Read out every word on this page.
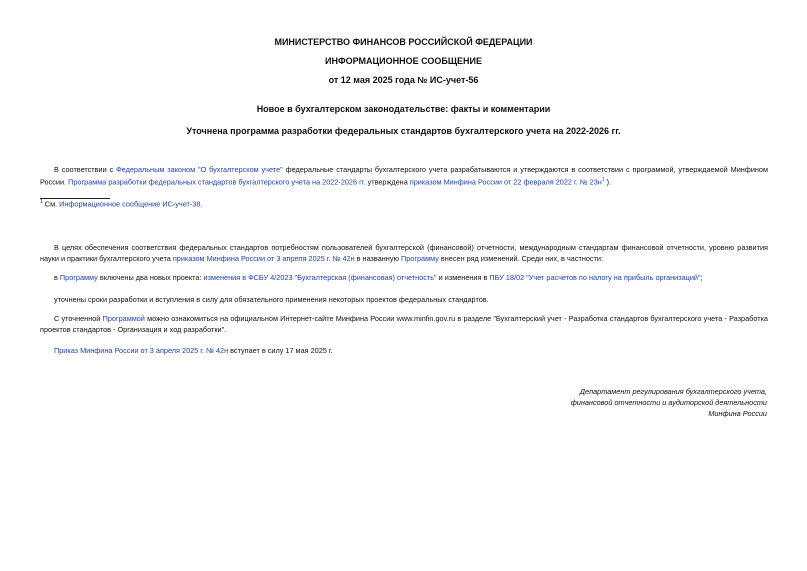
МИНИСТЕРСТВО ФИНАНСОВ РОССИЙСКОЙ ФЕДЕРАЦИИ
ИНФОРМАЦИОННОЕ СООБЩЕНИЕ
от 12 мая 2025 года № ИС-учет-56
Новое в бухгалтерском законодательстве: факты и комментарии
Уточнена программа разработки федеральных стандартов бухгалтерского учета на 2022-2026 гг.
В соответствии с Федеральным законом "О бухгалтерском учете" федеральные стандарты бухгалтерского учета разрабатываются и утверждаются в соответствии с программой, утверждаемой Минфином России. Программа разработки федеральных стандартов бухгалтерского учета на 2022-2026 гг. утверждена приказом Минфина России от 22 февраля 2022 г. № $23н^1$ ).
$^1$ См. Информационное сообщение ИС-учет-38.
В целях обеспечения соответствия федеральных стандартов потребностям пользователей бухгалтерской (финансовой) отчетности, международным стандартам финансовой отчетности, уровню развития науки и практики бухгалтерского учета приказом Минфина России от 3 апреля 2025 г. № 42н в названную Программу внесен ряд изменений. Среди них, в частности:
в Программу включены два новых проекта: изменения в ФСБУ 4/2023 "Бухгалтерская (финансовая) отчетность" и изменения в ПБУ 18/02 "Учет расчетов по налогу на прибыль организаций";
уточнены сроки разработки и вступления в силу для обязательного применения некоторых проектов федеральных стандартов.
С уточненной Программой можно ознакомиться на официальном Интернет-сайте Минфина России www.minfin.gov.ru в разделе "Бухгалтерский учет - Разработка стандартов бухгалтерского учета - Разработка проектов стандартов - Организация и ход разработки".
Приказ Минфина России от 3 апреля 2025 г. № 42н вступает в силу 17 мая 2025 г.
Департамент регулирования бухгалтерского учета,
финансовой отчетности и аудиторской деятельности
Минфина России
